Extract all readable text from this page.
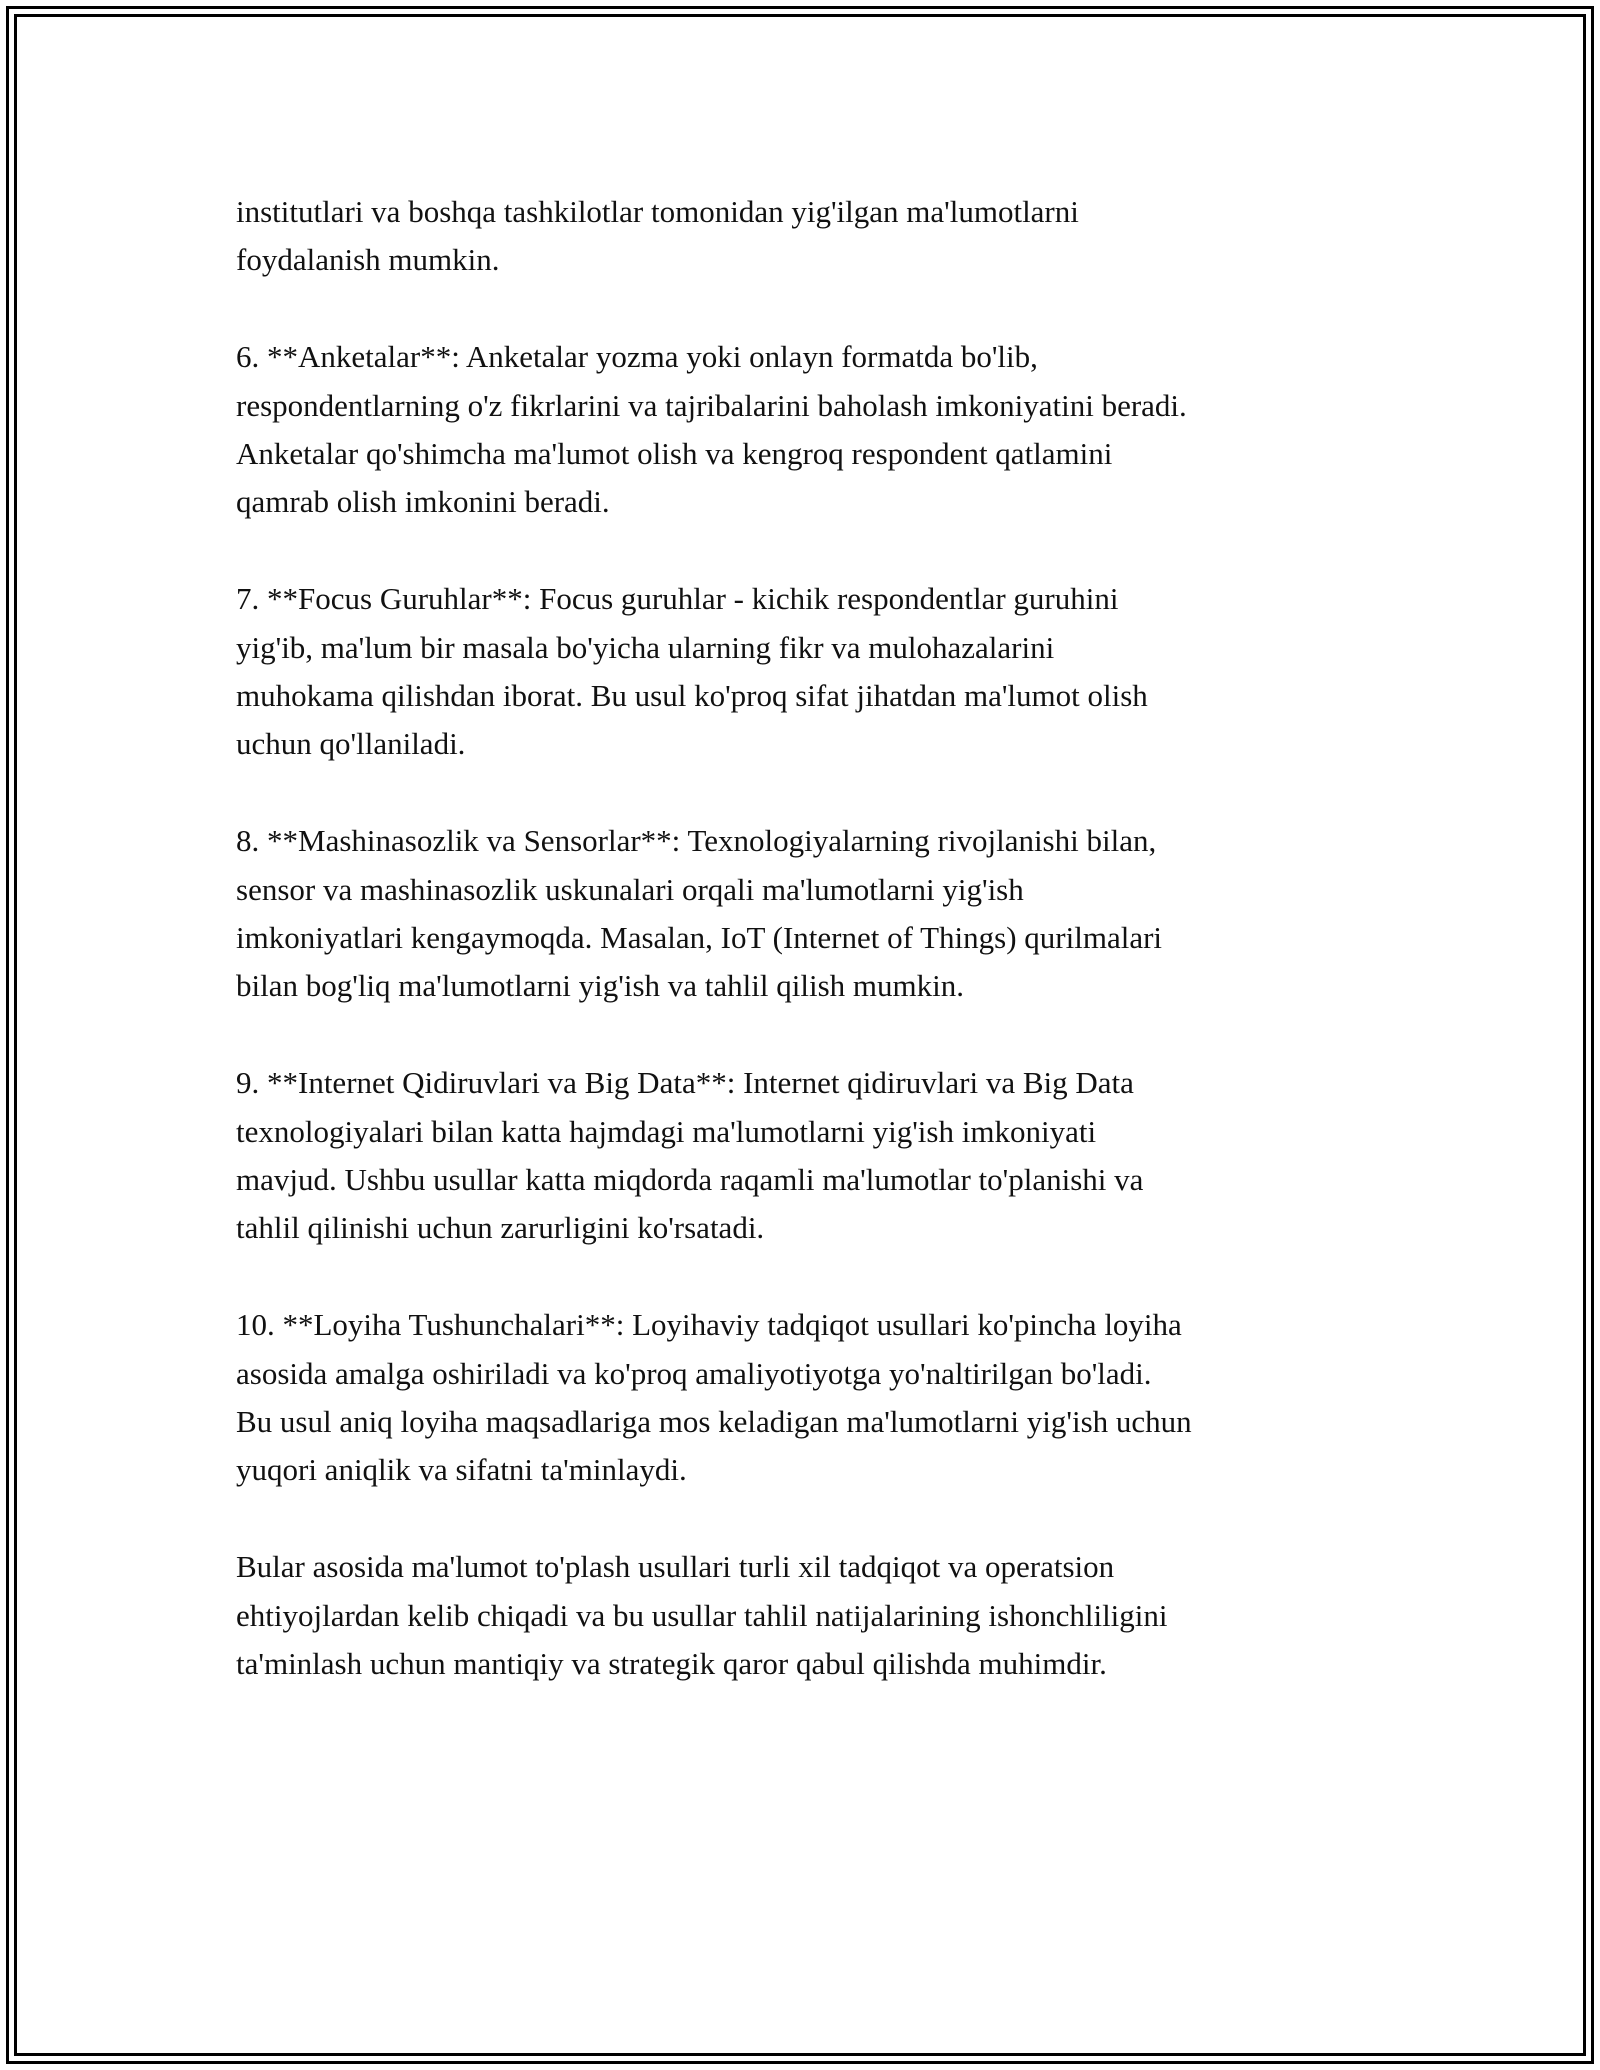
institutlari va boshqa tashkilotlar tomonidan yig'ilgan ma'lumotlarni
foydalanish mumkin.

6. **Anketalar**: Anketalar yozma yoki onlayn formatda bo'lib,
respondentlarning o'z fikrlarini va tajribalarini baholash imkoniyatini beradi.
Anketalar qo'shimcha ma'lumot olish va kengroq respondent qatlamini
qamrab olish imkonini beradi.

7. **Focus Guruhlar**: Focus guruhlar - kichik respondentlar guruhini
yig'ib, ma'lum bir masala bo'yicha ularning fikr va mulohazalarini
muhokama qilishdan iborat. Bu usul ko'proq sifat jihatdan ma'lumot olish
uchun qo'llaniladi.

8. **Mashinasozlik va Sensorlar**: Texnologiyalarning rivojlanishi bilan,
sensor va mashinasozlik uskunalari orqali ma'lumotlarni yig'ish
imkoniyatlari kengaymoqda. Masalan, IoT (Internet of Things) qurilmalari
bilan bog'liq ma'lumotlarni yig'ish va tahlil qilish mumkin.

9. **Internet Qidiruvlari va Big Data**: Internet qidiruvlari va Big Data
texnologiyalari bilan katta hajmdagi ma'lumotlarni yig'ish imkoniyati
mavjud. Ushbu usullar katta miqdorda raqamli ma'lumotlar to'planishi va
tahlil qilinishi uchun zarurligini ko'rsatadi.

10. **Loyiha Tushunchalari**: Loyihaviy tadqiqot usullari ko'pincha loyiha
asosida amalga oshiriladi va ko'proq amaliyotiyotga yo'naltirilgan bo'ladi.
Bu usul aniq loyiha maqsadlariga mos keladigan ma'lumotlarni yig'ish uchun
yuqori aniqlik va sifatni ta'minlaydi.

Bular asosida ma'lumot to'plash usullari turli xil tadqiqot va operatsion
ehtiyojlardan kelib chiqadi va bu usullar tahlil natijalarining ishonchliligini
ta'minlash uchun mantiqiy va strategik qaror qabul qilishda muhimdir.
